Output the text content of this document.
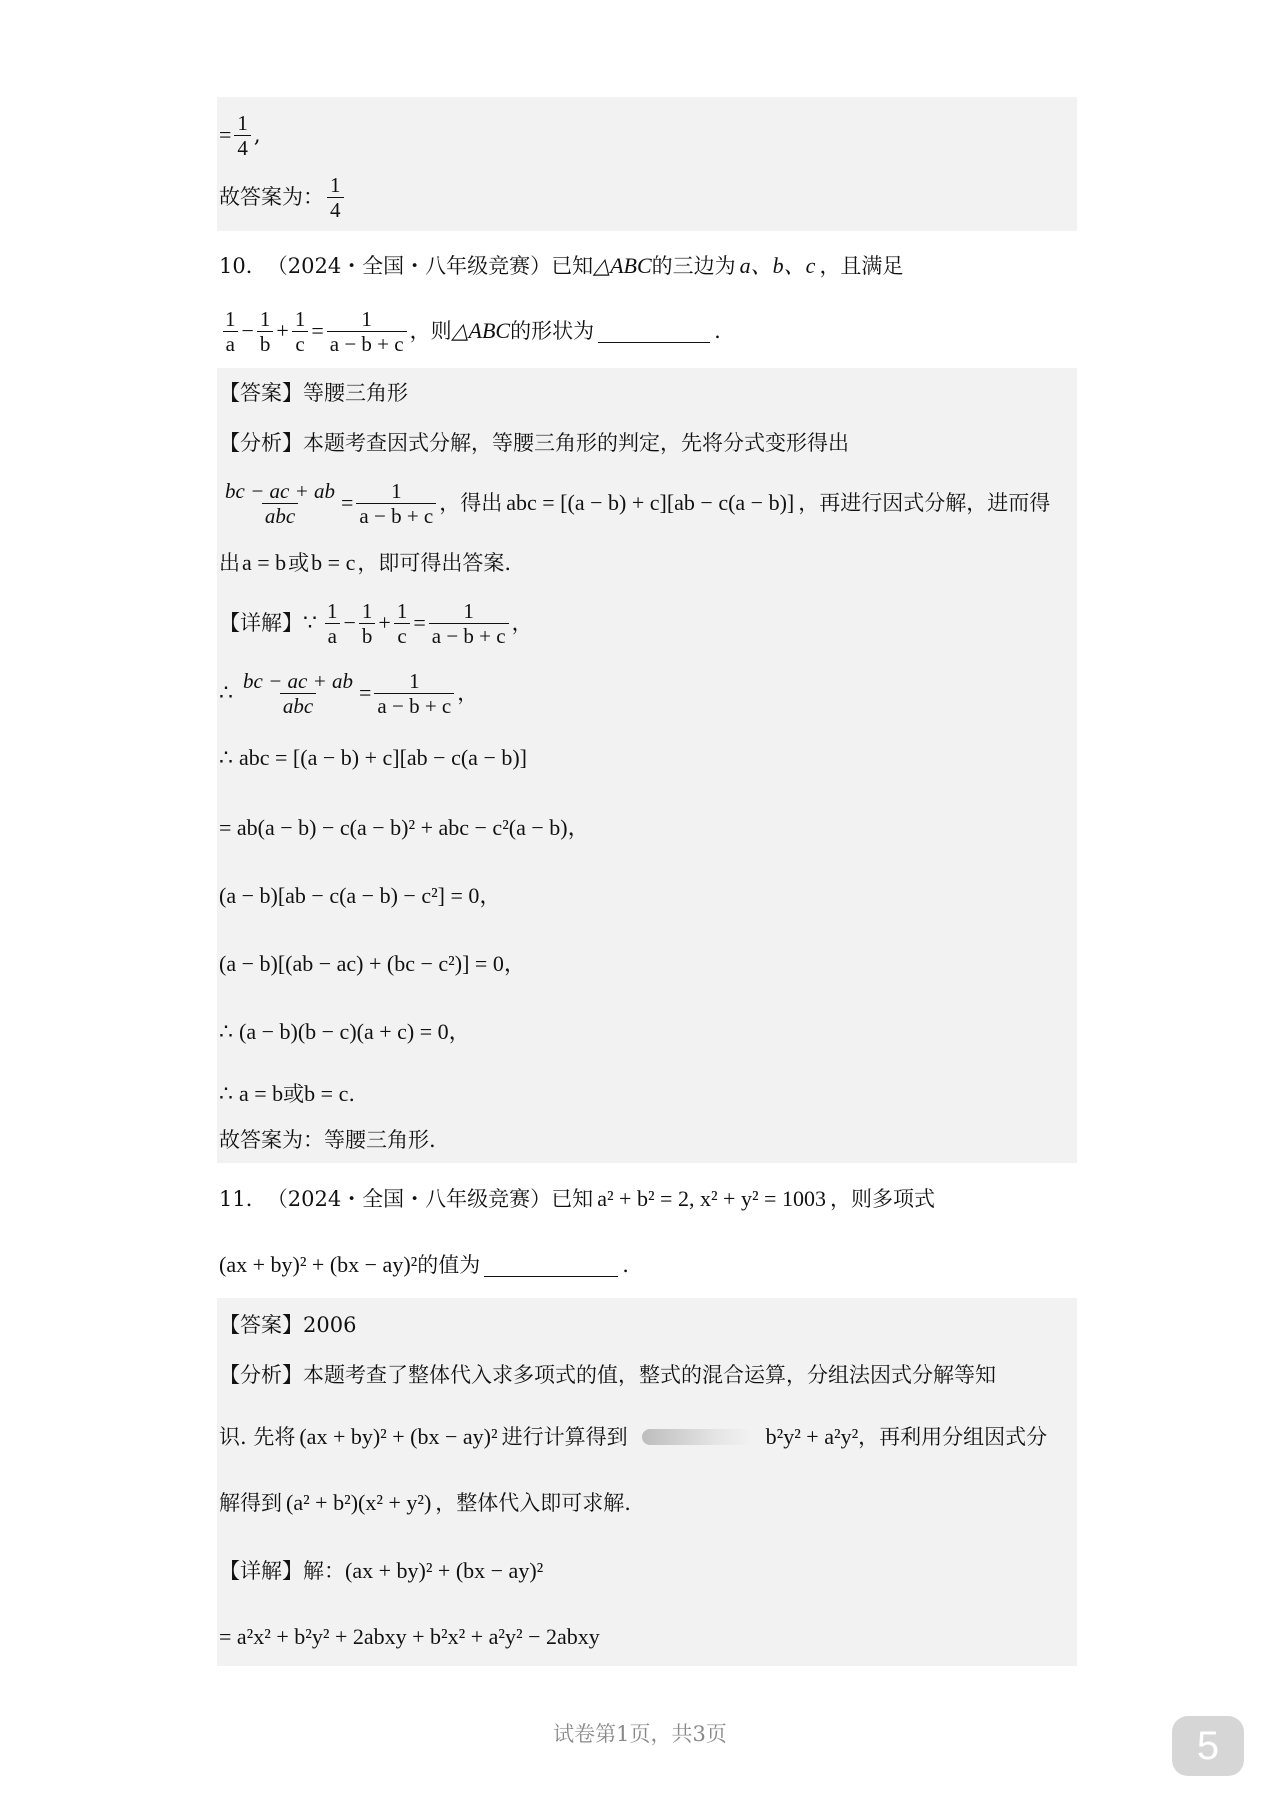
= $\frac{1}{4}$ ,
故答案为： $\frac{1}{4}$
10． （2024・全国・八年级竞赛） 已知 △ABC 的三边为 a、b、c ，且满足
$\frac{1}{a} - \frac{1}{b} + \frac{1}{c} = \frac{1}{a - b + c}$ ，则 △ABC 的形状为	.
【答案】 等腰三角形
【分析】 本题考查因式分解，等腰三角形的判定，先将分式变形得出
$\frac{bc - ac + ab}{\text{abc}} = \frac{1}{a - b + c}$ ，得出 abc = [(a − b) + c][ab − c(a − b)] ，再进行因式分解，进而得
出 a = b 或 b = c ，即可得出答案.
【详解】 ∵ $\frac{1}{a} - \frac{1}{b} + \frac{1}{c} = \frac{1}{a - b + c}$ ，
∴ $\frac{bc - ac + ab}{\text{abc}} = \frac{1}{a - b + c}$ ，
∴ abc = [(a − b) + c][ab − c(a − b)]
= ab(a − b) − c(a − b)² + abc − c²(a − b)，
(a − b)[ab − c(a − b) − c²] = 0，
(a − b)[(ab − ac) + (bc − c²)] = 0，
∴ (a − b)(b − c)(a + c) = 0，
∴ a = b 或 b = c .
故答案为：等腰三角形.
11． （2024・全国・八年级竞赛） 已知 a² + b² = 2, x² + y² = 1003 ，则多项式
(ax + by)² + (bx − ay)² 的值为	.
【答案】 2006
【分析】 本题考查了整体代入求多项式的值，整式的混合运算，分组法因式分解等知
识. 先将 (ax + by)² + (bx − ay)² 进行计算得到	b²y² + a²y² ，再利用分组因式分
解得到 (a² + b²)(x² + y²) ，整体代入即可求解.
【详解】 解： (ax + by)² + (bx − ay)²
= a²x² + b²y² + 2abxy + b²x² + a²y² − 2abxy
试卷第1页，共3页	5
